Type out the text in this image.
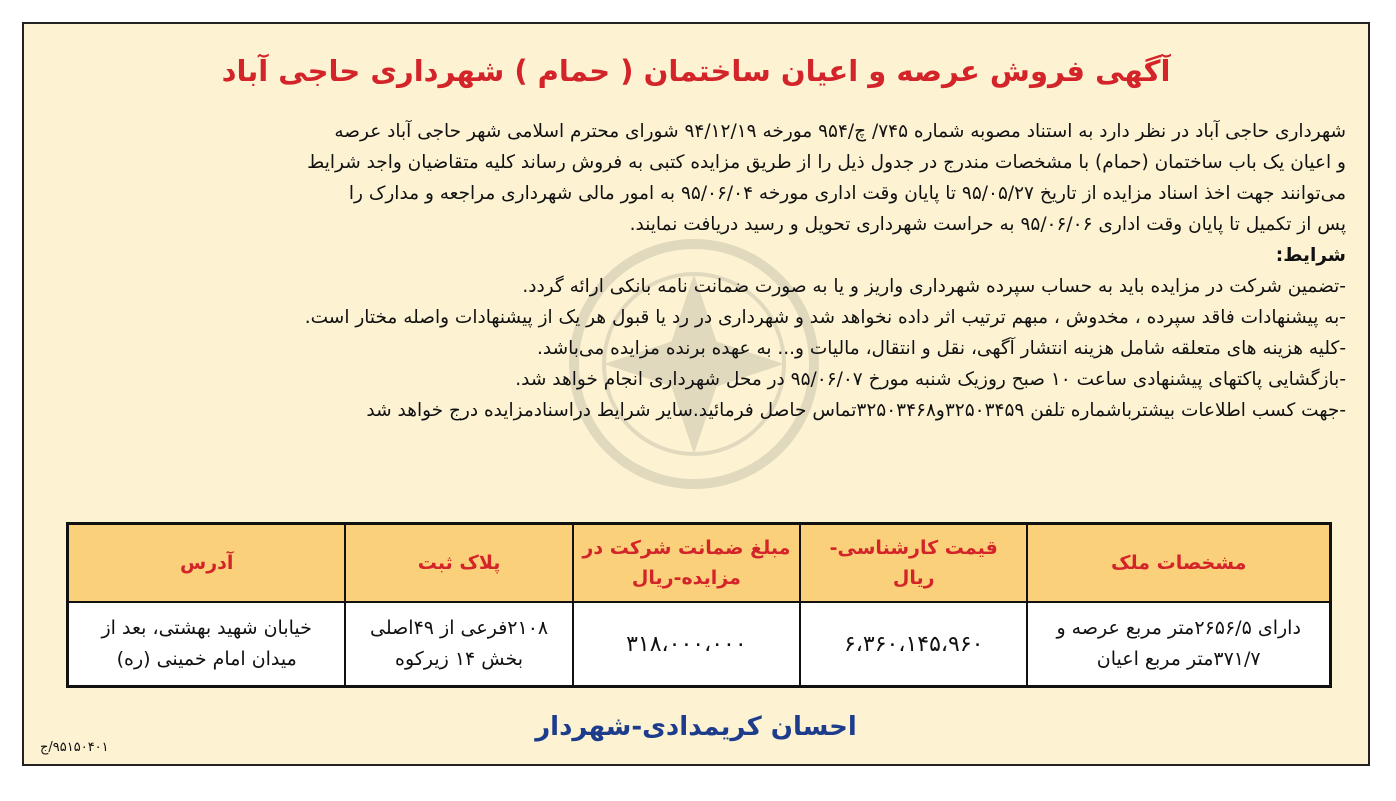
آگهی فروش عرصه و اعیان ساختمان ( حمام ) شهرداری حاجی آباد

شهرداری حاجی آباد در نظر دارد به استناد مصوبه شماره ۷۴۵/ چ/۹۵۴ مورخه ۹۴/۱۲/۱۹ شورای محترم اسلامی شهر حاجی آباد عرصه

و اعیان یک باب ساختمان (حمام) با مشخصات مندرج در جدول ذیل را از طریق مزایده کتبی به فروش رساند کلیه متقاضیان واجد شرایط

می‌توانند جهت اخذ اسناد مزایده از تاریخ ۹۵/۰۵/۲۷ تا پایان وقت اداری مورخه ۹۵/۰۶/۰۴ به امور مالی شهرداری مراجعه و مدارک را

پس از تکمیل تا پایان وقت اداری ۹۵/۰۶/۰۶ به حراست شهرداری تحویل و رسید دریافت نمایند.

شرایط:

-تضمین شرکت در مزایده باید به حساب سپرده شهرداری واریز و یا به صورت ضمانت نامه بانکی ارائه گردد.

-به پیشنهادات فاقد سپرده ، مخدوش ، مبهم ترتیب اثر داده نخواهد شد و شهرداری در رد یا قبول هر یک از پیشنهادات واصله مختار است.

-کلیه هزینه های متعلقه شامل هزینه انتشار آگهی، نقل و انتقال، مالیات و... به عهده برنده مزایده می‌باشد.

-بازگشایی پاکتهای پیشنهادی ساعت ۱۰ صبح روزیک شنبه مورخ ۹۵/۰۶/۰۷ در محل شهرداری انجام خواهد شد.

-جهت کسب اطلاعات بیشترباشماره تلفن ۳۲۵۰۳۴۵۹و۳۲۵۰۳۴۶۸تماس حاصل فرمائید.سایر شرایط دراسنادمزایده درج خواهد شد

مشخصات ملک	قیمت کارشناسی- ریال	مبلغ ضمانت شرکت در مزایده-ریال	پلاک ثبت	آدرس
دارای ۲۶۵۶/۵متر مربع عرصه و ۳۷۱/۷متر مربع اعیان	۶،۳۶۰،۱۴۵،۹۶۰	۳۱۸،۰۰۰،۰۰۰	۲۱۰۸فرعی از ۴۹اصلی بخش ۱۴ زیرکوه	خیابان شهید بهشتی، بعد از میدان امام خمینی (ره)
احسان کریمدادی-شهردار
۹۵۱۵۰۴۰۱/ج
